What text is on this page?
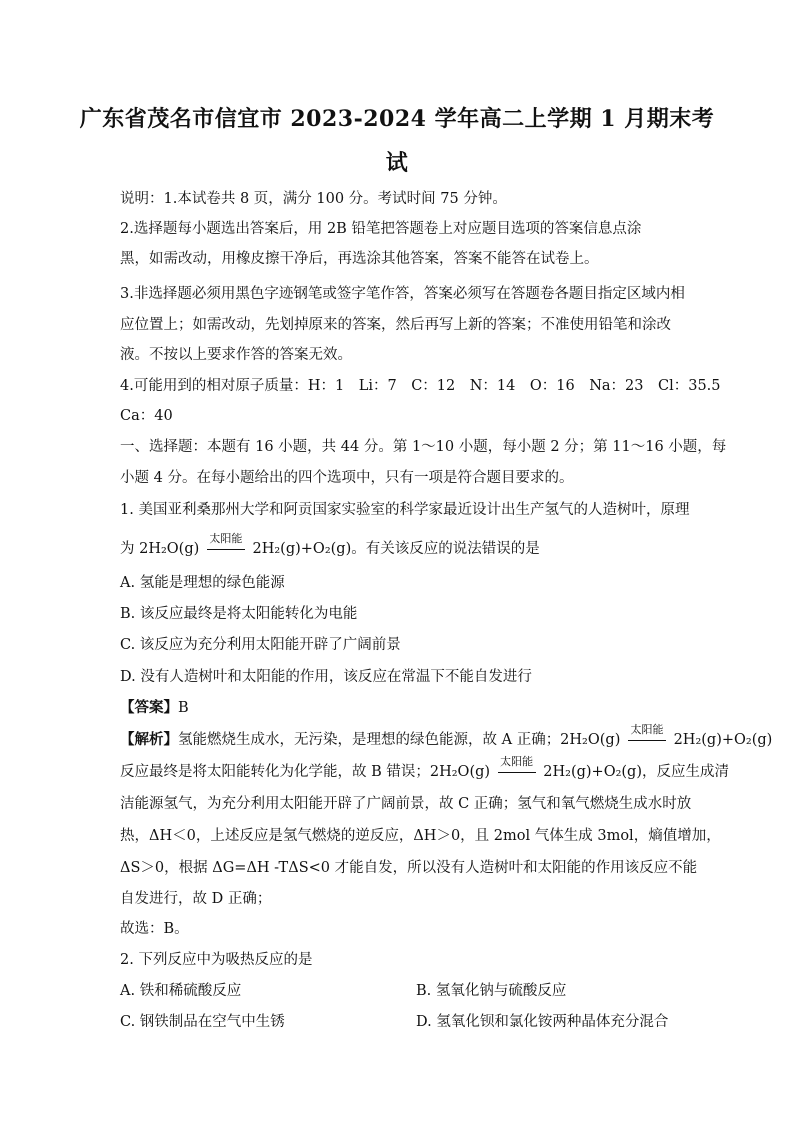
广东省茂名市信宜市 2023-2024 学年高二上学期 1 月期末考
试
说明：1.本试卷共 8 页，满分 100 分。考试时间 75 分钟。
2.选择题每小题选出答案后，用 2B 铅笔把答题卷上对应题目选项的答案信息点涂
黑，如需改动，用橡皮擦干净后，再选涂其他答案，答案不能答在试卷上。
3.非选择题必须用黑色字迹钢笔或签字笔作答，答案必须写在答题卷各题目指定区域内相
应位置上；如需改动，先划掉原来的答案，然后再写上新的答案；不准使用铅笔和涂改
液。不按以上要求作答的答案无效。
4.可能用到的相对原子质量：H：1　Li：7　C：12　N：14　O：16　Na：23　Cl：35.5
Ca：40
一、选择题：本题有 16 小题，共 44 分。第 1～10 小题，每小题 2 分；第 11～16 小题，每
小题 4 分。在每小题给出的四个选项中，只有一项是符合题目要求的。
1. 美国亚利桑那州大学和阿贡国家实验室的科学家最近设计出生产氢气的人造树叶，原理
为 2H₂O(g)
太阳能
2H₂(g)+O₂(g)。有关该反应的说法错误的是
A. 氢能是理想的绿色能源
B. 该反应最终是将太阳能转化为电能
C. 该反应为充分利用太阳能开辟了广阔前景
D. 没有人造树叶和太阳能的作用，该反应在常温下不能自发进行
【答案】B
【解析】氢能燃烧生成水，无污染，是理想的绿色能源，故 A 正确；2H₂O(g)
太阳能
2H₂(g)+O₂(g)
反应最终是将太阳能转化为化学能，故 B 错误；2H₂O(g)
太阳能
2H₂(g)+O₂(g)，反应生成清
洁能源氢气，为充分利用太阳能开辟了广阔前景，故 C 正确；氢气和氧气燃烧生成水时放
热，ΔH＜0，上述反应是氢气燃烧的逆反应，ΔH＞0，且 2mol 气体生成 3mol，熵值增加，
ΔS＞0，根据 ΔG=ΔH -TΔS<0 才能自发，所以没有人造树叶和太阳能的作用该反应不能
自发进行，故 D 正确；
故选：B。
2. 下列反应中为吸热反应的是
A. 铁和稀硫酸反应	B. 氢氧化钠与硫酸反应
C. 钢铁制品在空气中生锈	D. 氢氧化钡和氯化铵两种晶体充分混合
